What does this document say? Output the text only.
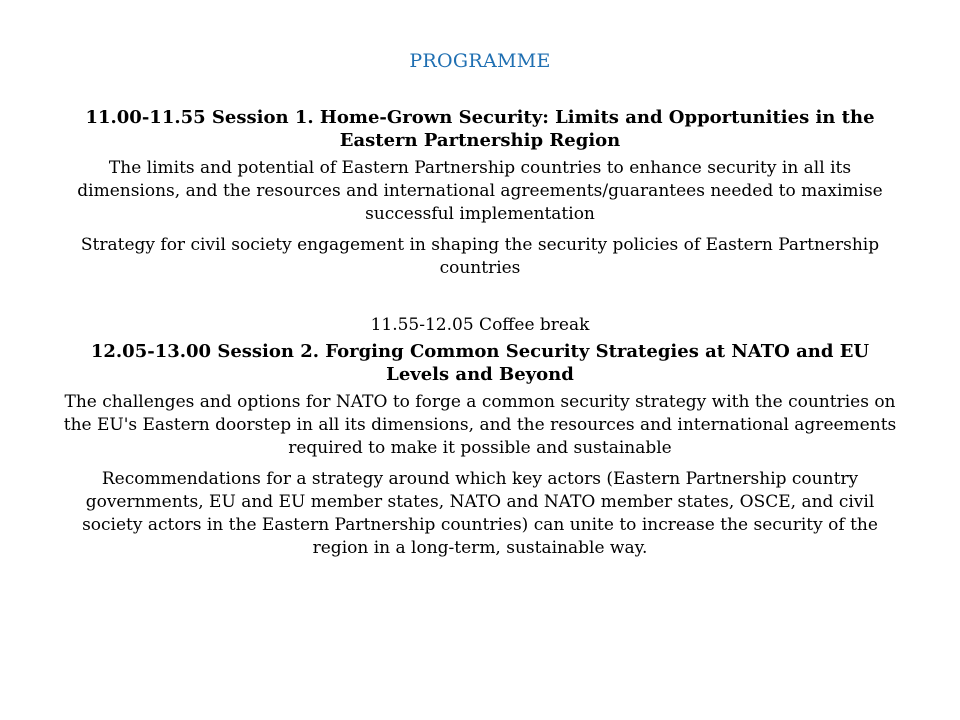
PROGRAMME
11.00-11.55 Session 1. Home-Grown Security: Limits and Opportunities in the Eastern Partnership Region
The limits and potential of Eastern Partnership countries to enhance security in all its dimensions, and the resources and international agreements/guarantees needed to maximise successful implementation
Strategy for civil society engagement in shaping the security policies of Eastern Partnership countries
11.55-12.05 Coffee break
12.05-13.00 Session 2. Forging Common Security Strategies at NATO and EU Levels and Beyond
The challenges and options for NATO to forge a common security strategy with the countries on the EU's Eastern doorstep in all its dimensions, and the resources and international agreements required to make it possible and sustainable
Recommendations for a strategy around which key actors (Eastern Partnership country governments, EU and EU member states, NATO and NATO member states, OSCE, and civil society actors in the Eastern Partnership countries) can unite to increase the security of the region in a long-term, sustainable way.
